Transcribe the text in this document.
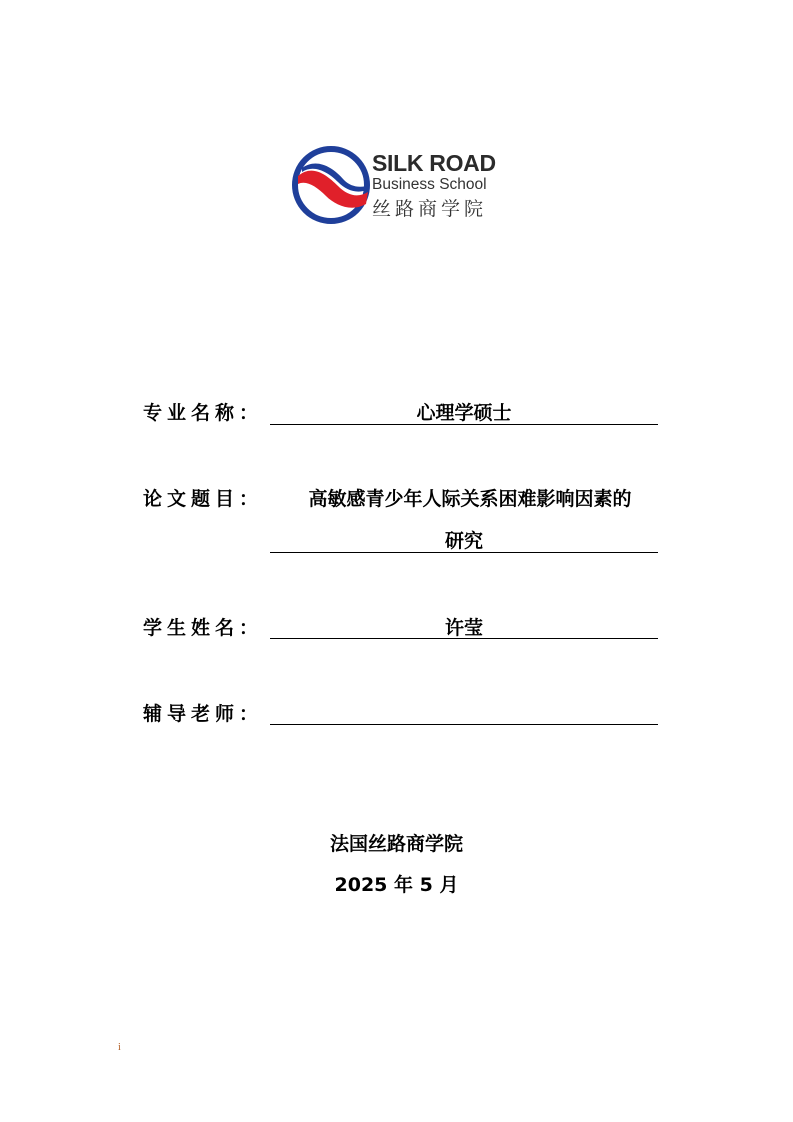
SILK ROAD
Business School
丝路商学院
专业名称：	心理学硕士
论文题目：	高敏感青少年人际关系困难影响因素的
研究
学生姓名：	许莹
辅导老师：
法国丝路商学院
2025 年 5 月
i
